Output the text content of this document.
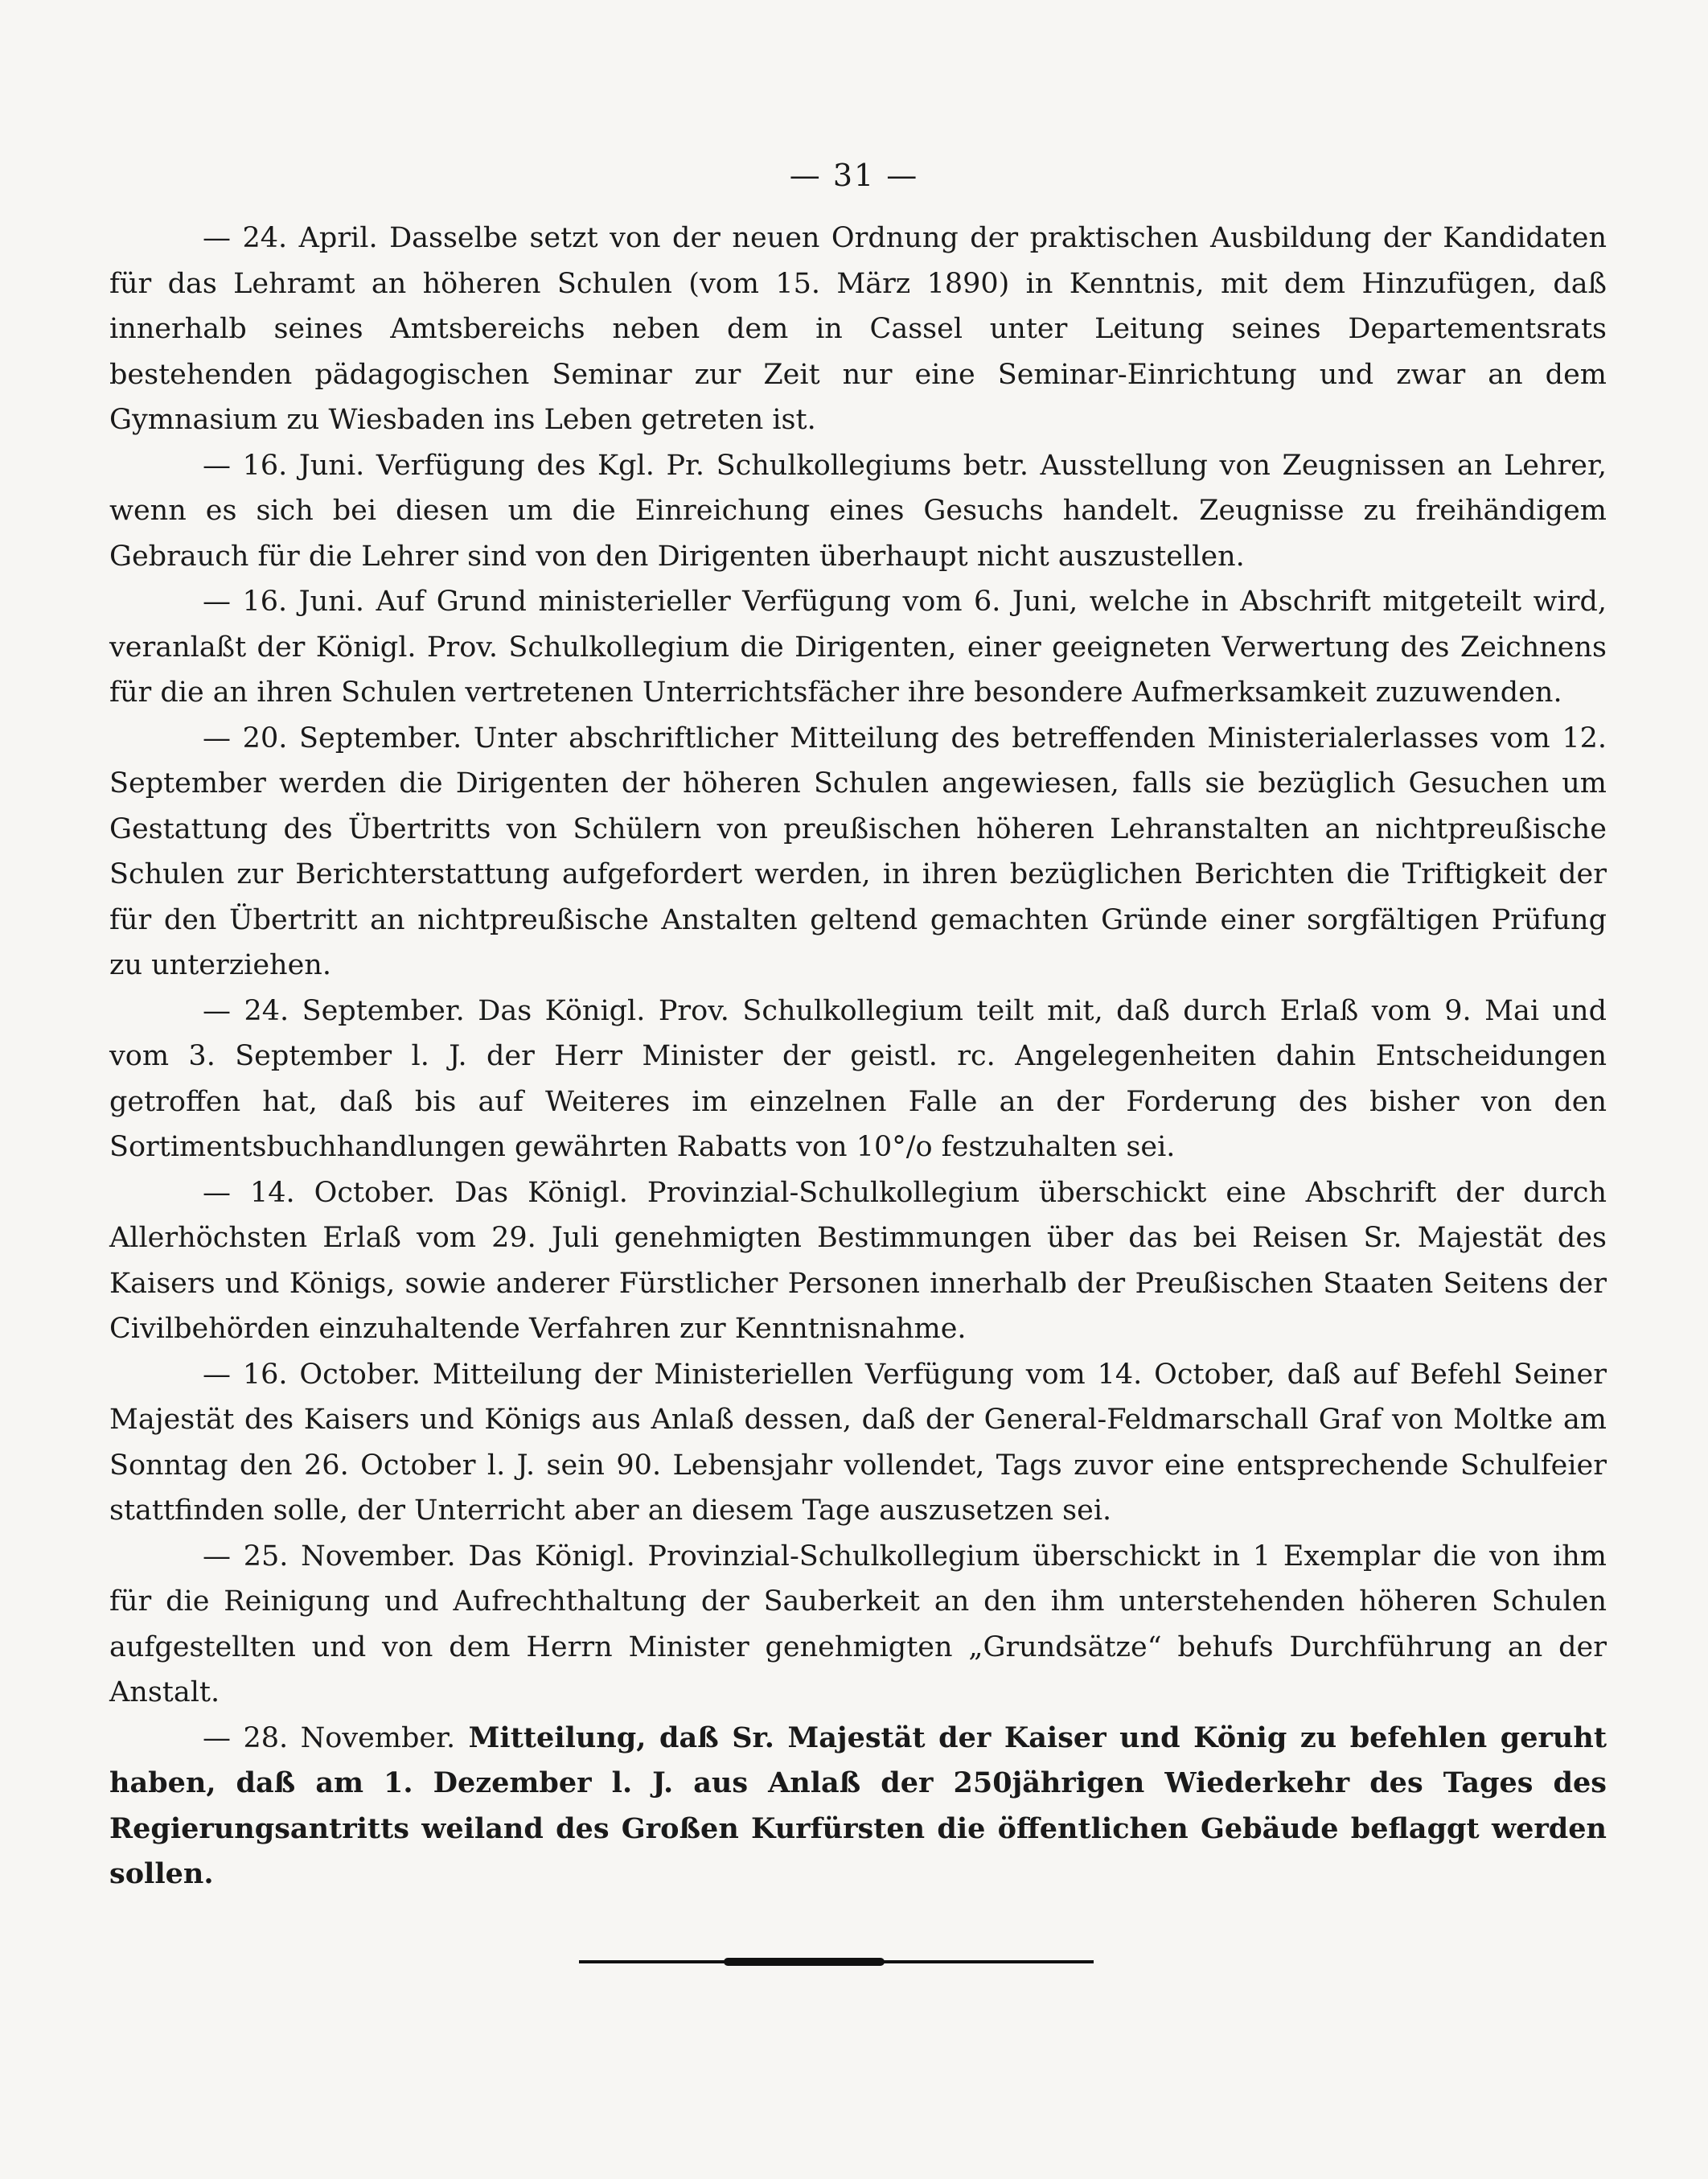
— 31 —

— 24. April. Dasselbe setzt von der neuen Ordnung der praktischen Ausbildung der Kandidaten für das Lehramt an höheren Schulen (vom 15. März 1890) in Kenntnis, mit dem Hinzufügen, daß innerhalb seines Amtsbereichs neben dem in Cassel unter Leitung seines Departementsrats bestehenden pädagogischen Seminar zur Zeit nur eine Seminar-Einrichtung und zwar an dem Gymnasium zu Wiesbaden ins Leben getreten ist.

— 16. Juni. Verfügung des Kgl. Pr. Schulkollegiums betr. Ausstellung von Zeugnissen an Lehrer, wenn es sich bei diesen um die Einreichung eines Gesuchs handelt. Zeugnisse zu freihändigem Gebrauch für die Lehrer sind von den Dirigenten überhaupt nicht auszustellen.

— 16. Juni. Auf Grund ministerieller Verfügung vom 6. Juni, welche in Abschrift mitgeteilt wird, veranlaßt der Königl. Prov. Schulkollegium die Dirigenten, einer geeigneten Verwertung des Zeichnens für die an ihren Schulen vertretenen Unterrichtsfächer ihre besondere Aufmerksamkeit zuzuwenden.

— 20. September. Unter abschriftlicher Mitteilung des betreffenden Ministerialerlasses vom 12. September werden die Dirigenten der höheren Schulen angewiesen, falls sie bezüglich Gesuchen um Gestattung des Übertritts von Schülern von preußischen höheren Lehranstalten an nichtpreußische Schulen zur Berichterstattung aufgefordert werden, in ihren bezüglichen Berichten die Triftigkeit der für den Übertritt an nichtpreußische Anstalten geltend gemachten Gründe einer sorgfältigen Prüfung zu unterziehen.

— 24. September. Das Königl. Prov. Schulkollegium teilt mit, daß durch Erlaß vom 9. Mai und vom 3. September l. J. der Herr Minister der geistl. rc. Angelegenheiten dahin Entscheidungen getroffen hat, daß bis auf Weiteres im einzelnen Falle an der Forderung des bisher von den Sortimentsbuchhandlungen gewährten Rabatts von 10°/o festzuhalten sei.

— 14. October. Das Königl. Provinzial-Schulkollegium überschickt eine Abschrift der durch Allerhöchsten Erlaß vom 29. Juli genehmigten Bestimmungen über das bei Reisen Sr. Majestät des Kaisers und Königs, sowie anderer Fürstlicher Personen innerhalb der Preußischen Staaten Seitens der Civilbehörden einzuhaltende Verfahren zur Kenntnisnahme.

— 16. October. Mitteilung der Ministeriellen Verfügung vom 14. October, daß auf Befehl Seiner Majestät des Kaisers und Königs aus Anlaß dessen, daß der General-Feldmarschall Graf von Moltke am Sonntag den 26. October l. J. sein 90. Lebensjahr vollendet, Tags zuvor eine entsprechende Schulfeier stattfinden solle, der Unterricht aber an diesem Tage auszusetzen sei.

— 25. November. Das Königl. Provinzial-Schulkollegium überschickt in 1 Exemplar die von ihm für die Reinigung und Aufrechthaltung der Sauberkeit an den ihm unterstehenden höheren Schulen aufgestellten und von dem Herrn Minister genehmigten „Grundsätze“ behufs Durchführung an der Anstalt.

— 28. November. Mitteilung, daß Sr. Majestät der Kaiser und König zu befehlen geruht haben, daß am 1. Dezember l. J. aus Anlaß der 250jährigen Wiederkehr des Tages des Regierungsantritts weiland des Großen Kurfürsten die öffentlichen Gebäude beflaggt werden sollen.
